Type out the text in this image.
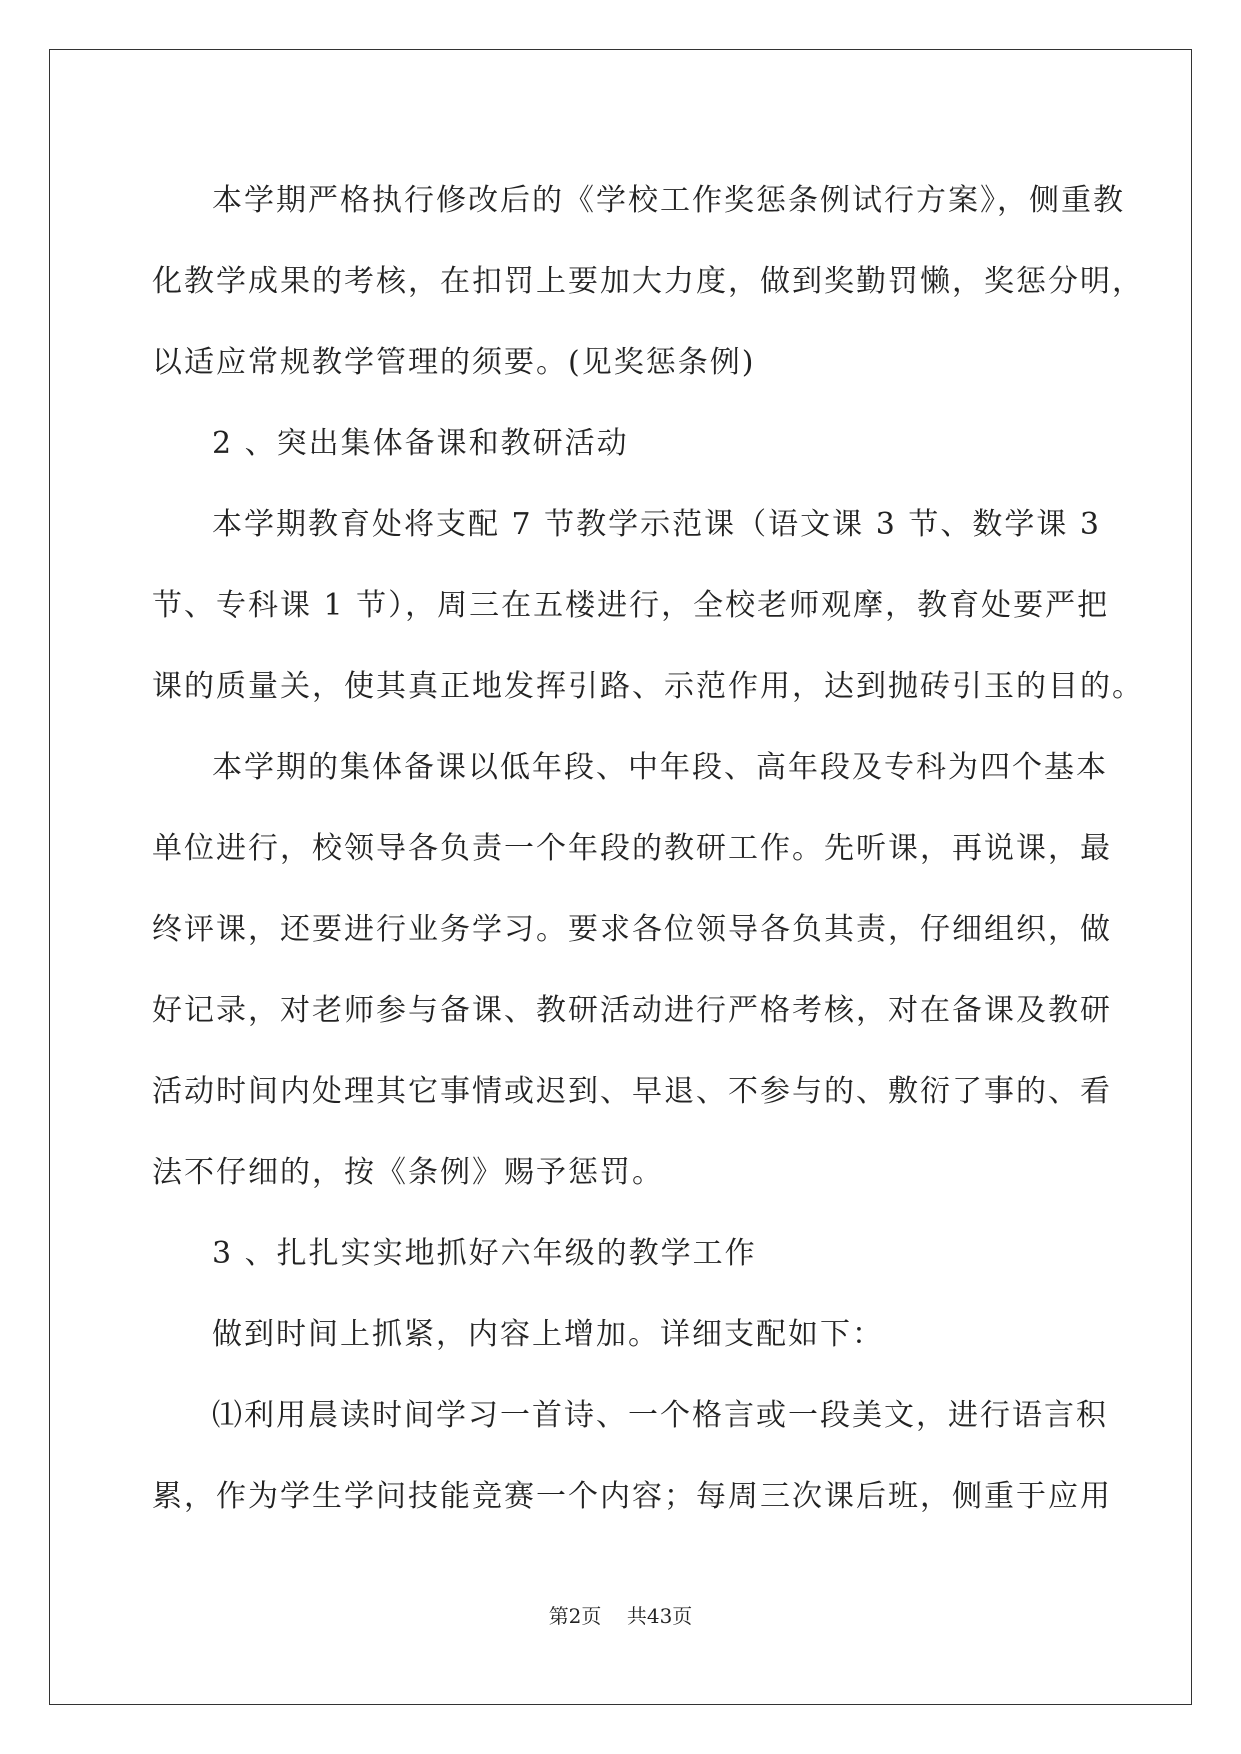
本学期严格执行修改后的《学校工作奖惩条例试行方案》，侧重教

化教学成果的考核，在扣罚上要加大力度，做到奖勤罚懒，奖惩分明，

以适应常规教学管理的须要。(见奖惩条例)

2 、突出集体备课和教研活动

本学期教育处将支配 7 节教学示范课（语文课 3 节、数学课 3

节、专科课 1 节），周三在五楼进行，全校老师观摩，教育处要严把

课的质量关，使其真正地发挥引路、示范作用，达到抛砖引玉的目的。

本学期的集体备课以低年段、中年段、高年段及专科为四个基本

单位进行，校领导各负责一个年段的教研工作。先听课，再说课，最

终评课，还要进行业务学习。要求各位领导各负其责，仔细组织，做

好记录，对老师参与备课、教研活动进行严格考核，对在备课及教研

活动时间内处理其它事情或迟到、早退、不参与的、敷衍了事的、看

法不仔细的，按《条例》赐予惩罚。

3 、扎扎实实地抓好六年级的教学工作

做到时间上抓紧，内容上增加。详细支配如下：

⑴利用晨读时间学习一首诗、一个格言或一段美文，进行语言积

累，作为学生学问技能竞赛一个内容；每周三次课后班，侧重于应用

第2页 共43页
